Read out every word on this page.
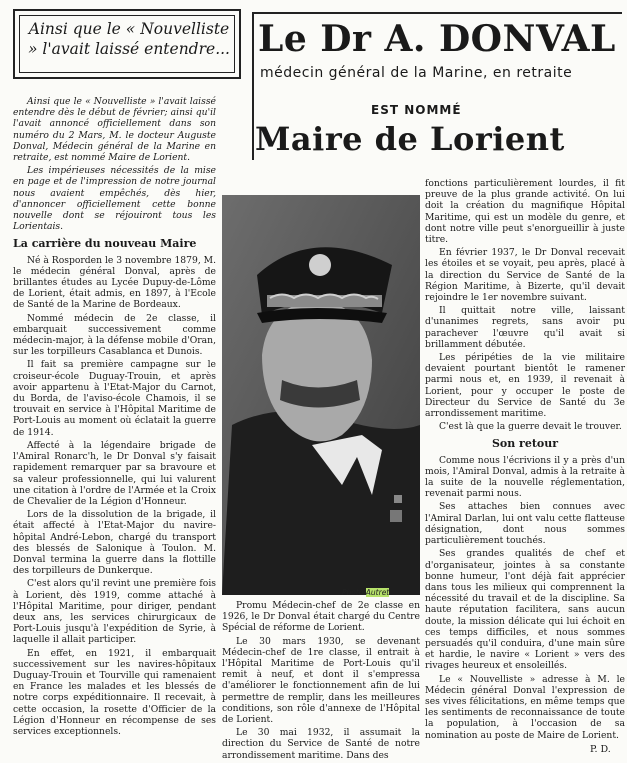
Ainsi que le « Nouvelliste » l'avait laissé entendre... Le Dr A. DONVAL
médecin général de la Marine, en retraite
EST NOMMÉ
Maire de Lorient

Ainsi que le « Nouvelliste » l'avait laissé entendre dès le début de février; ainsi qu'il l'avait annoncé officiellement dans son numéro du 2 Mars, M. le docteur Auguste Donval, Médecin général de la Marine en retraite, est nommé Maire de Lorient.

Les impérieuses nécessités de la mise en page et de l'impression de notre journal nous avaient empêchés, dès hier, d'annoncer officiellement cette bonne nouvelle dont se réjouiront tous les Lorientais.

La carrière du nouveau Maire

Né à Rosporden le 3 novembre 1879, M. le médecin général Donval, après de brillantes études au Lycée Dupuy-de-Lôme de Lorient, était admis, en 1897, à l'Ecole de Santé de la Marine de Bordeaux.

Nommé médecin de 2e classe, il embarquait successivement comme médecin-major, à la défense mobile d'Oran, sur les torpilleurs Casablanca et Dunois.

Il fait sa première campagne sur le croiseur-école Duguay-Trouin, et après avoir appartenu à l'Etat-Major du Carnot, du Borda, de l'aviso-école Chamois, il se trouvait en service à l'Hôpital Maritime de Port-Louis au moment où éclatait la guerre de 1914.

Affecté à la légendaire brigade de l'Amiral Ronarc'h, le Dr Donval s'y faisait rapidement remarquer par sa bravoure et sa valeur professionnelle, qui lui valurent une citation à l'ordre de l'Armée et la Croix de Chevalier de la Légion d'Honneur.

Lors de la dissolution de la brigade, il était affecté à l'Etat-Major du navire-hôpital André-Lebon, chargé du transport des blessés de Salonique à Toulon. M. Donval termina la guerre dans la flottille des torpilleurs de Dunkerque.

C'est alors qu'il revint une première fois à Lorient, dès 1919, comme attaché à l'Hôpital Maritime, pour diriger, pendant deux ans, les services chirurgicaux de Port-Louis jusqu'à l'expédition de Syrie, à laquelle il allait participer.

En effet, en 1921, il embarquait successivement sur les navires-hôpitaux Duguay-Trouin et Tourville qui ramenaient en France les malades et les blessés de notre corps expéditionnaire. Il recevait, à cette occasion, la rosette d'Officier de la Légion d'Honneur en récompense de ses services exceptionnels.

Photo Autret

Promu Médecin-chef de 2e classe en 1926, le Dr Donval était chargé du Centre Spécial de réforme de Lorient.

Le 30 mars 1930, se devenant Médecin-chef de 1re classe, il entrait à l'Hôpital Maritime de Port-Louis qu'il remit à neuf, et dont il s'empressa d'améliorer le fonctionnement afin de lui permettre de remplir, dans les meilleures conditions, son rôle d'annexe de l'Hôpital de Lorient.

Le 30 mai 1932, il assumait la direction du Service de Santé de notre arrondissement maritime. Dans des

fonctions particulièrement lourdes, il fit preuve de la plus grande activité. On lui doit la création du magnifique Hôpital Maritime, qui est un modèle du genre, et dont notre ville peut s'enorgueillir à juste titre.

En février 1937, le Dr Donval recevait les étoiles et se voyait, peu après, placé à la direction du Service de Santé de la Région Maritime, à Bizerte, qu'il devait rejoindre le 1er novembre suivant.

Il quittait notre ville, laissant d'unanimes regrets, sans avoir pu parachever l'œuvre qu'il avait si brillamment débutée.

Les péripéties de la vie militaire devaient pourtant bientôt le ramener parmi nous et, en 1939, il revenait à Lorient, pour y occuper le poste de Directeur du Service de Santé du 3e arrondissement maritime.

C'est là que la guerre devait le trouver.

Son retour

Comme nous l'écrivions il y a près d'un mois, l'Amiral Donval, admis à la retraite à la suite de la nouvelle réglementation, revenait parmi nous.

Ses attaches bien connues avec l'Amiral Darlan, lui ont valu cette flatteuse désignation, dont nous sommes particulièrement touchés.

Ses grandes qualités de chef et d'organisateur, jointes à sa constante bonne humeur, l'ont déjà fait apprécier dans tous les milieux qui comprennent la nécessité du travail et de la discipline. Sa haute réputation facilitera, sans aucun doute, la mission délicate qui lui échoit en ces temps difficiles, et nous sommes persuadés qu'il conduira, d'une main sûre et hardie, le navire « Lorient » vers des rivages heureux et ensoleillés.

Le « Nouvelliste » adresse à M. le Médecin général Donval l'expression de ses vives félicitations, en même temps que les sentiments de reconnaissance de toute la population, à l'occasion de sa nomination au poste de Maire de Lorient.

P. D.
